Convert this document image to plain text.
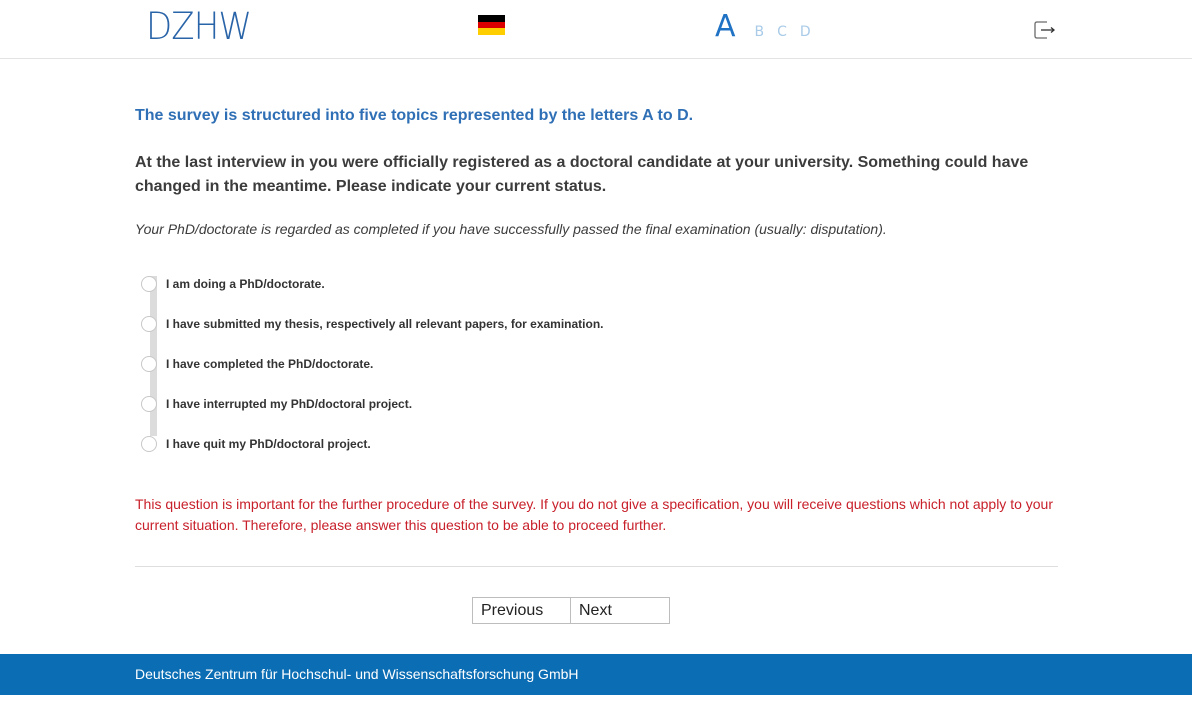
DZHW	A B C D
The survey is structured into five topics represented by the letters A to D.
At the last interview in you were officially registered as a doctoral candidate at your university. Something could have changed in the meantime. Please indicate your current status.
Your PhD/doctorate is regarded as completed if you have successfully passed the final examination (usually: disputation).
I am doing a PhD/doctorate.
I have submitted my thesis, respectively all relevant papers, for examination.
I have completed the PhD/doctorate.
I have interrupted my PhD/doctoral project.
I have quit my PhD/doctoral project.
This question is important for the further procedure of the survey. If you do not give a specification, you will receive questions which not apply to your current situation. Therefore, please answer this question to be able to proceed further.
Previous	Next
Deutsches Zentrum für Hochschul- und Wissenschaftsforschung GmbH
